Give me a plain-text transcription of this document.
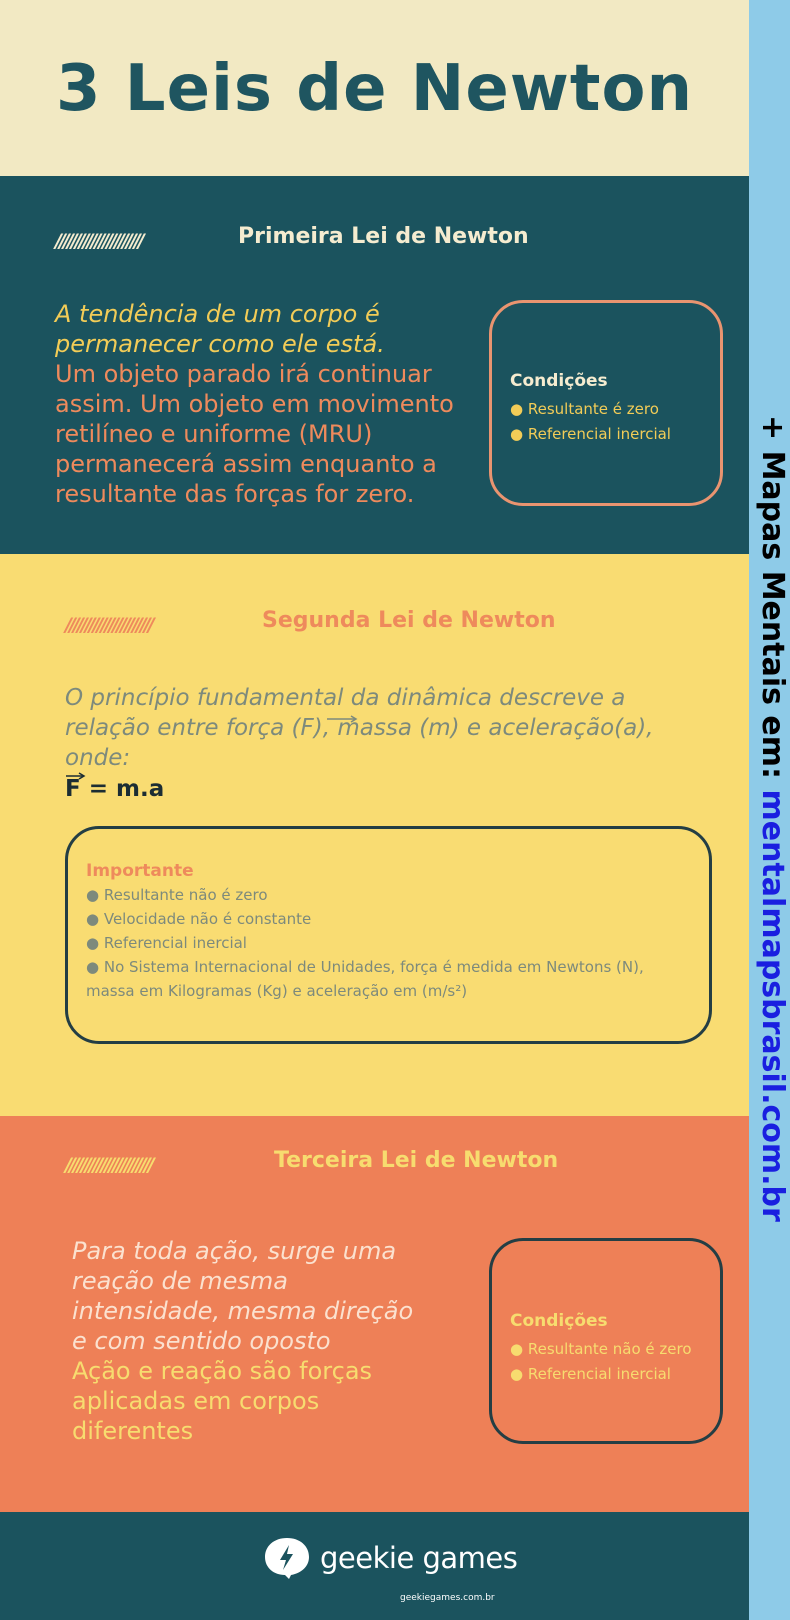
3 Leis de Newton
//////////////////////	Primeira Lei de Newton
A tendência de um corpo é permanecer como ele está.
Um objeto parado irá continuar assim. Um objeto em movimento retilíneo e uniforme (MRU) permanecerá assim enquanto a resultante das forças for zero.
Condições
● Resultante é zero
● Referencial inercial
//////////////////////	Segunda Lei de Newton
O princípio fundamental da dinâmica descreve a relação entre força (F), massa (m) e aceleração(a), onde:
F = m.a
Importante
● Resultante não é zero
● Velocidade não é constante
● Referencial inercial
● No Sistema Internacional de Unidades, força é medida em Newtons (N), massa em Kilogramas (Kg) e aceleração em (m/s²)
//////////////////////	Terceira Lei de Newton
Para toda ação, surge uma reação de mesma intensidade, mesma direção e com sentido oposto
Ação e reação são forças aplicadas em corpos diferentes
Condições
● Resultante não é zero
● Referencial inercial
geekie games
geekiegames.com.br
+ Mapas Mentais em: mentalmapsbrasil.com.br
